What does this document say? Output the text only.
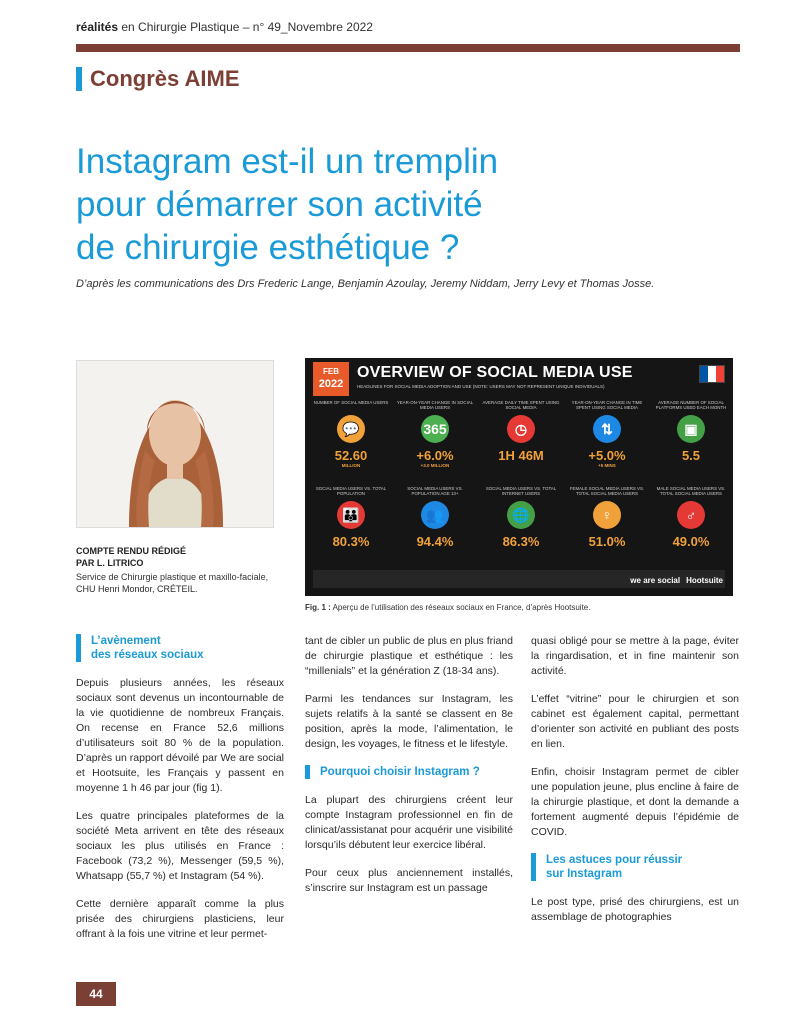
réalités en Chirurgie Plastique – n° 49_Novembre 2022
Congrès AIME
Instagram est-il un tremplin
pour démarrer son activité
de chirurgie esthétique ?
D’après les communications des Drs Frederic Lange, Benjamin Azoulay, Jeremy Niddam, Jerry Levy et Thomas Josse.
COMPTE RENDU RÉDIGÉ
PAR L. LITRICO
Service de Chirurgie plastique et maxillo-faciale,
CHU Henri Mondor, CRÉTEIL.
FEB
2022
OVERVIEW OF SOCIAL MEDIA USE
HEADLINES FOR SOCIAL MEDIA ADOPTION AND USE (NOTE: USERS MAY NOT REPRESENT UNIQUE INDIVIDUALS)
NUMBER OF SOCIAL MEDIA USERS
💬
52.60
MILLION
YEAR-ON-YEAR CHANGE IN SOCIAL MEDIA USERS
365
+6.0%
+3.0 MILLION
AVERAGE DAILY TIME SPENT USING SOCIAL MEDIA
◷
1H 46M
YEAR-ON-YEAR CHANGE IN TIME SPENT USING SOCIAL MEDIA
⇅
+5.0%
+5 MINS
AVERAGE NUMBER OF SOCIAL PLATFORMS USED EACH MONTH
▣
5.5
SOCIAL MEDIA USERS VS. TOTAL POPULATION
👪
80.3%
SOCIAL MEDIA USERS VS. POPULATION AGE 13+
👥
94.4%
SOCIAL MEDIA USERS VS. TOTAL INTERNET USERS
🌐
86.3%
FEMALE SOCIAL MEDIA USERS VS. TOTAL SOCIAL MEDIA USERS
♀
51.0%
MALE SOCIAL MEDIA USERS VS. TOTAL SOCIAL MEDIA USERS
♂
49.0%
we are social Hootsuite
Fig. 1 : Aperçu de l’utilisation des réseaux sociaux en France, d’après Hootsuite.
L’avènement
des réseaux sociaux

Depuis plusieurs années, les réseaux sociaux sont devenus un incontournable de la vie quotidienne de nombreux Français. On recense en France 52,6 millions d’utilisateurs soit 80 % de la population. D’après un rapport dévoilé par We are social et Hootsuite, les Français y passent en moyenne 1 h 46 par jour (fig 1).

Les quatre principales plateformes de la société Meta arrivent en tête des réseaux sociaux les plus utilisés en France : Facebook (73,2 %), Messenger (59,5 %), Whatsapp (55,7 %) et Instagram (54 %).

Cette dernière apparaît comme la plus prisée des chirurgiens plasticiens, leur offrant à la fois une vitrine et leur permet-

tant de cibler un public de plus en plus friand de chirurgie plastique et esthétique : les “millenials” et la génération Z (18-34 ans).

Parmi les tendances sur Instagram, les sujets relatifs à la santé se classent en 8e position, après la mode, l’alimentation, le design, les voyages, le fitness et le lifestyle.

Pourquoi choisir Instagram ?

La plupart des chirurgiens créent leur compte Instagram professionnel en fin de clinicat/assistanat pour acquérir une visibilité lorsqu’ils débutent leur exercice libéral.

Pour ceux plus anciennement installés, s’inscrire sur Instagram est un passage

quasi obligé pour se mettre à la page, éviter la ringardisation, et in fine maintenir son activité.

L’effet “vitrine” pour le chirurgien et son cabinet est également capital, permettant d’orienter son activité en publiant des posts en lien.

Enfin, choisir Instagram permet de cibler une population jeune, plus encline à faire de la chirurgie plastique, et dont la demande a fortement augmenté depuis l’épidémie de COVID.

Les astuces pour réussir
sur Instagram

Le post type, prisé des chirurgiens, est un assemblage de photographies

44
